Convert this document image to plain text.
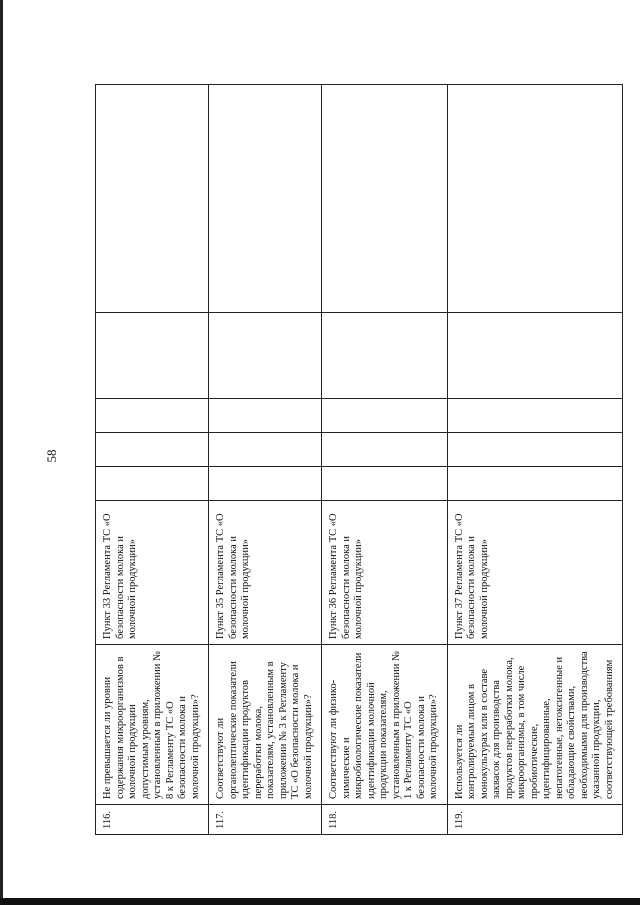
58
116.	Не превышается ли уровни содержания микроорганизмов в молочной продукции допустимым уровням, установленным в приложении № 8 к Регламенту ТС «О безопасности молока и молочной продукции»?	Пункт 33 Регламента ТС «О безопасности молока и молочной продукции»					
117.	Соответствуют ли органолептические показатели идентификации продуктов переработки молока, показателям, установленным в приложении № 3 к Регламенту ТС «О безопасности молока и молочной продукции»?	Пункт 35 Регламента ТС «О безопасности молока и молочной продукции»					
118.	Соответствуют ли физико-химические и микробиологические показатели идентификации молочной продукции показателям, установленным в приложении № 1 к Регламенту ТС «О безопасности молока и молочной продукции»?	Пункт 36 Регламента ТС «О безопасности молока и молочной продукции»					
119.	Используется ли контролируемым лицом в монокультурах или в составе заквасок для производства продуктов переработки молока, микроорганизмы, в том числе пробиотические, идентифицированные, непатогенные, нетоксигенные и обладающие свойствами, необходимыми для производства указанной продукции, соответствующей требованиям	Пункт 37 Регламента ТС «О безопасности молока и молочной продукции»					
